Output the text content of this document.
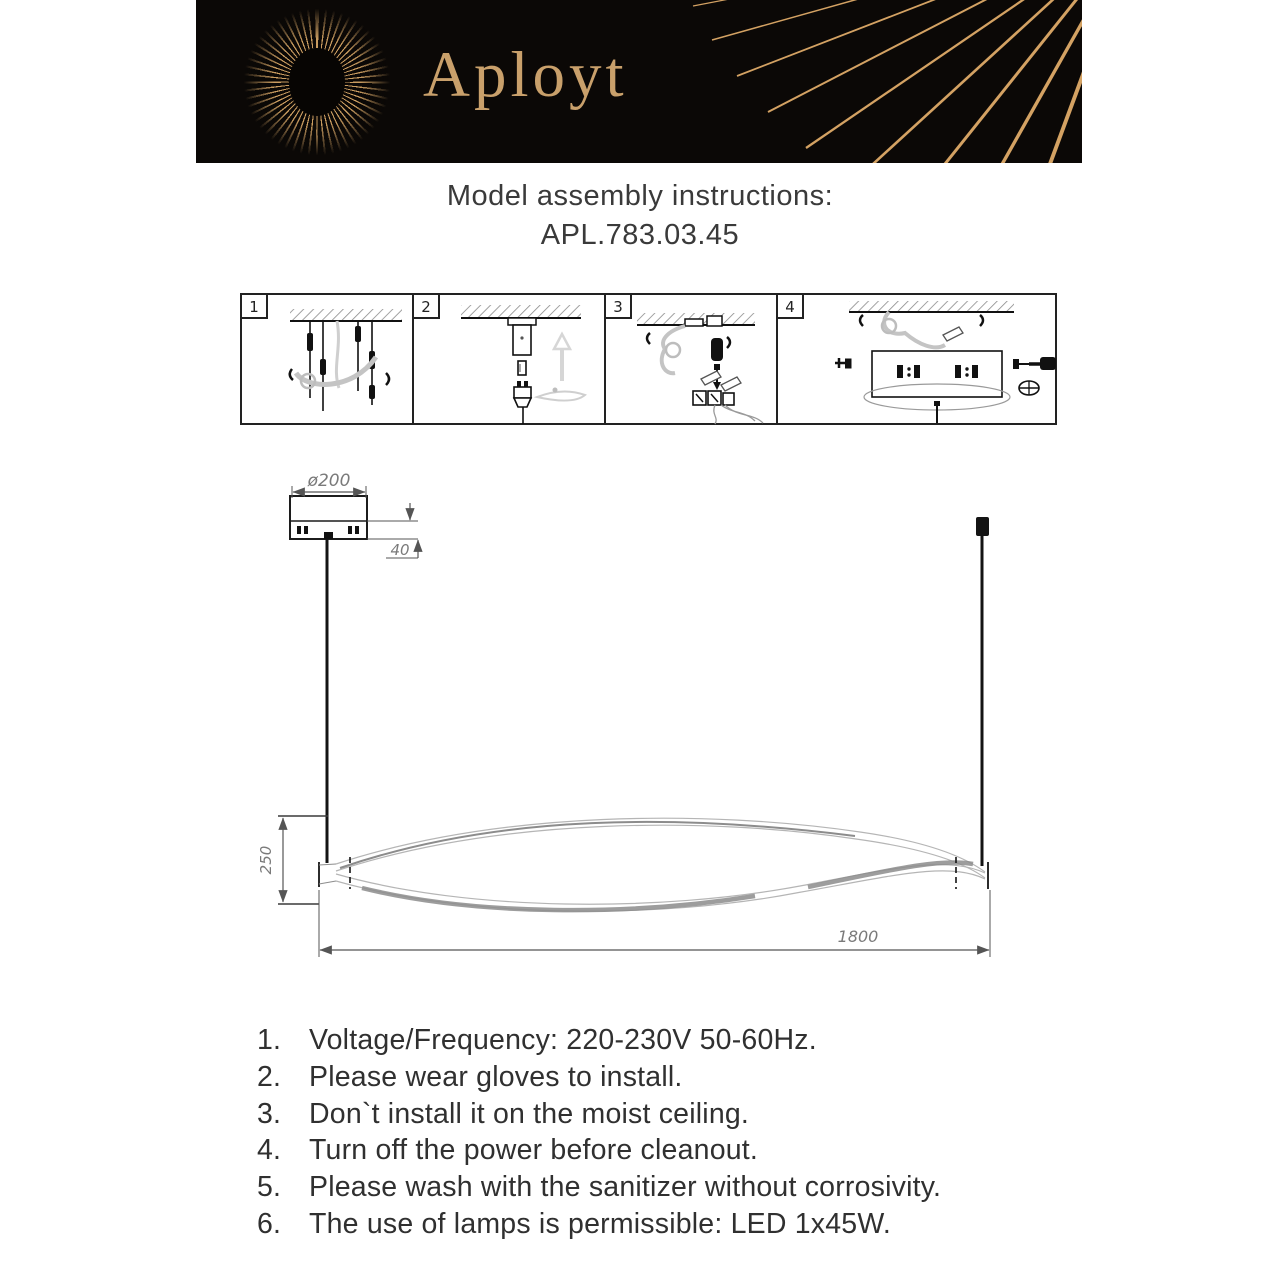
Aployt
Model assembly instructions:
APL.783.03.45
1	2	3	4
ø200
40
250
1800
1. Voltage/Frequency: 220-230V 50-60Hz.
2. Please wear gloves to install.
3. Don`t install it on the moist ceiling.
4. Turn off the power before cleanout.
5. Please wash with the sanitizer without corrosivity.
6. The use of lamps is permissible: LED 1x45W.
